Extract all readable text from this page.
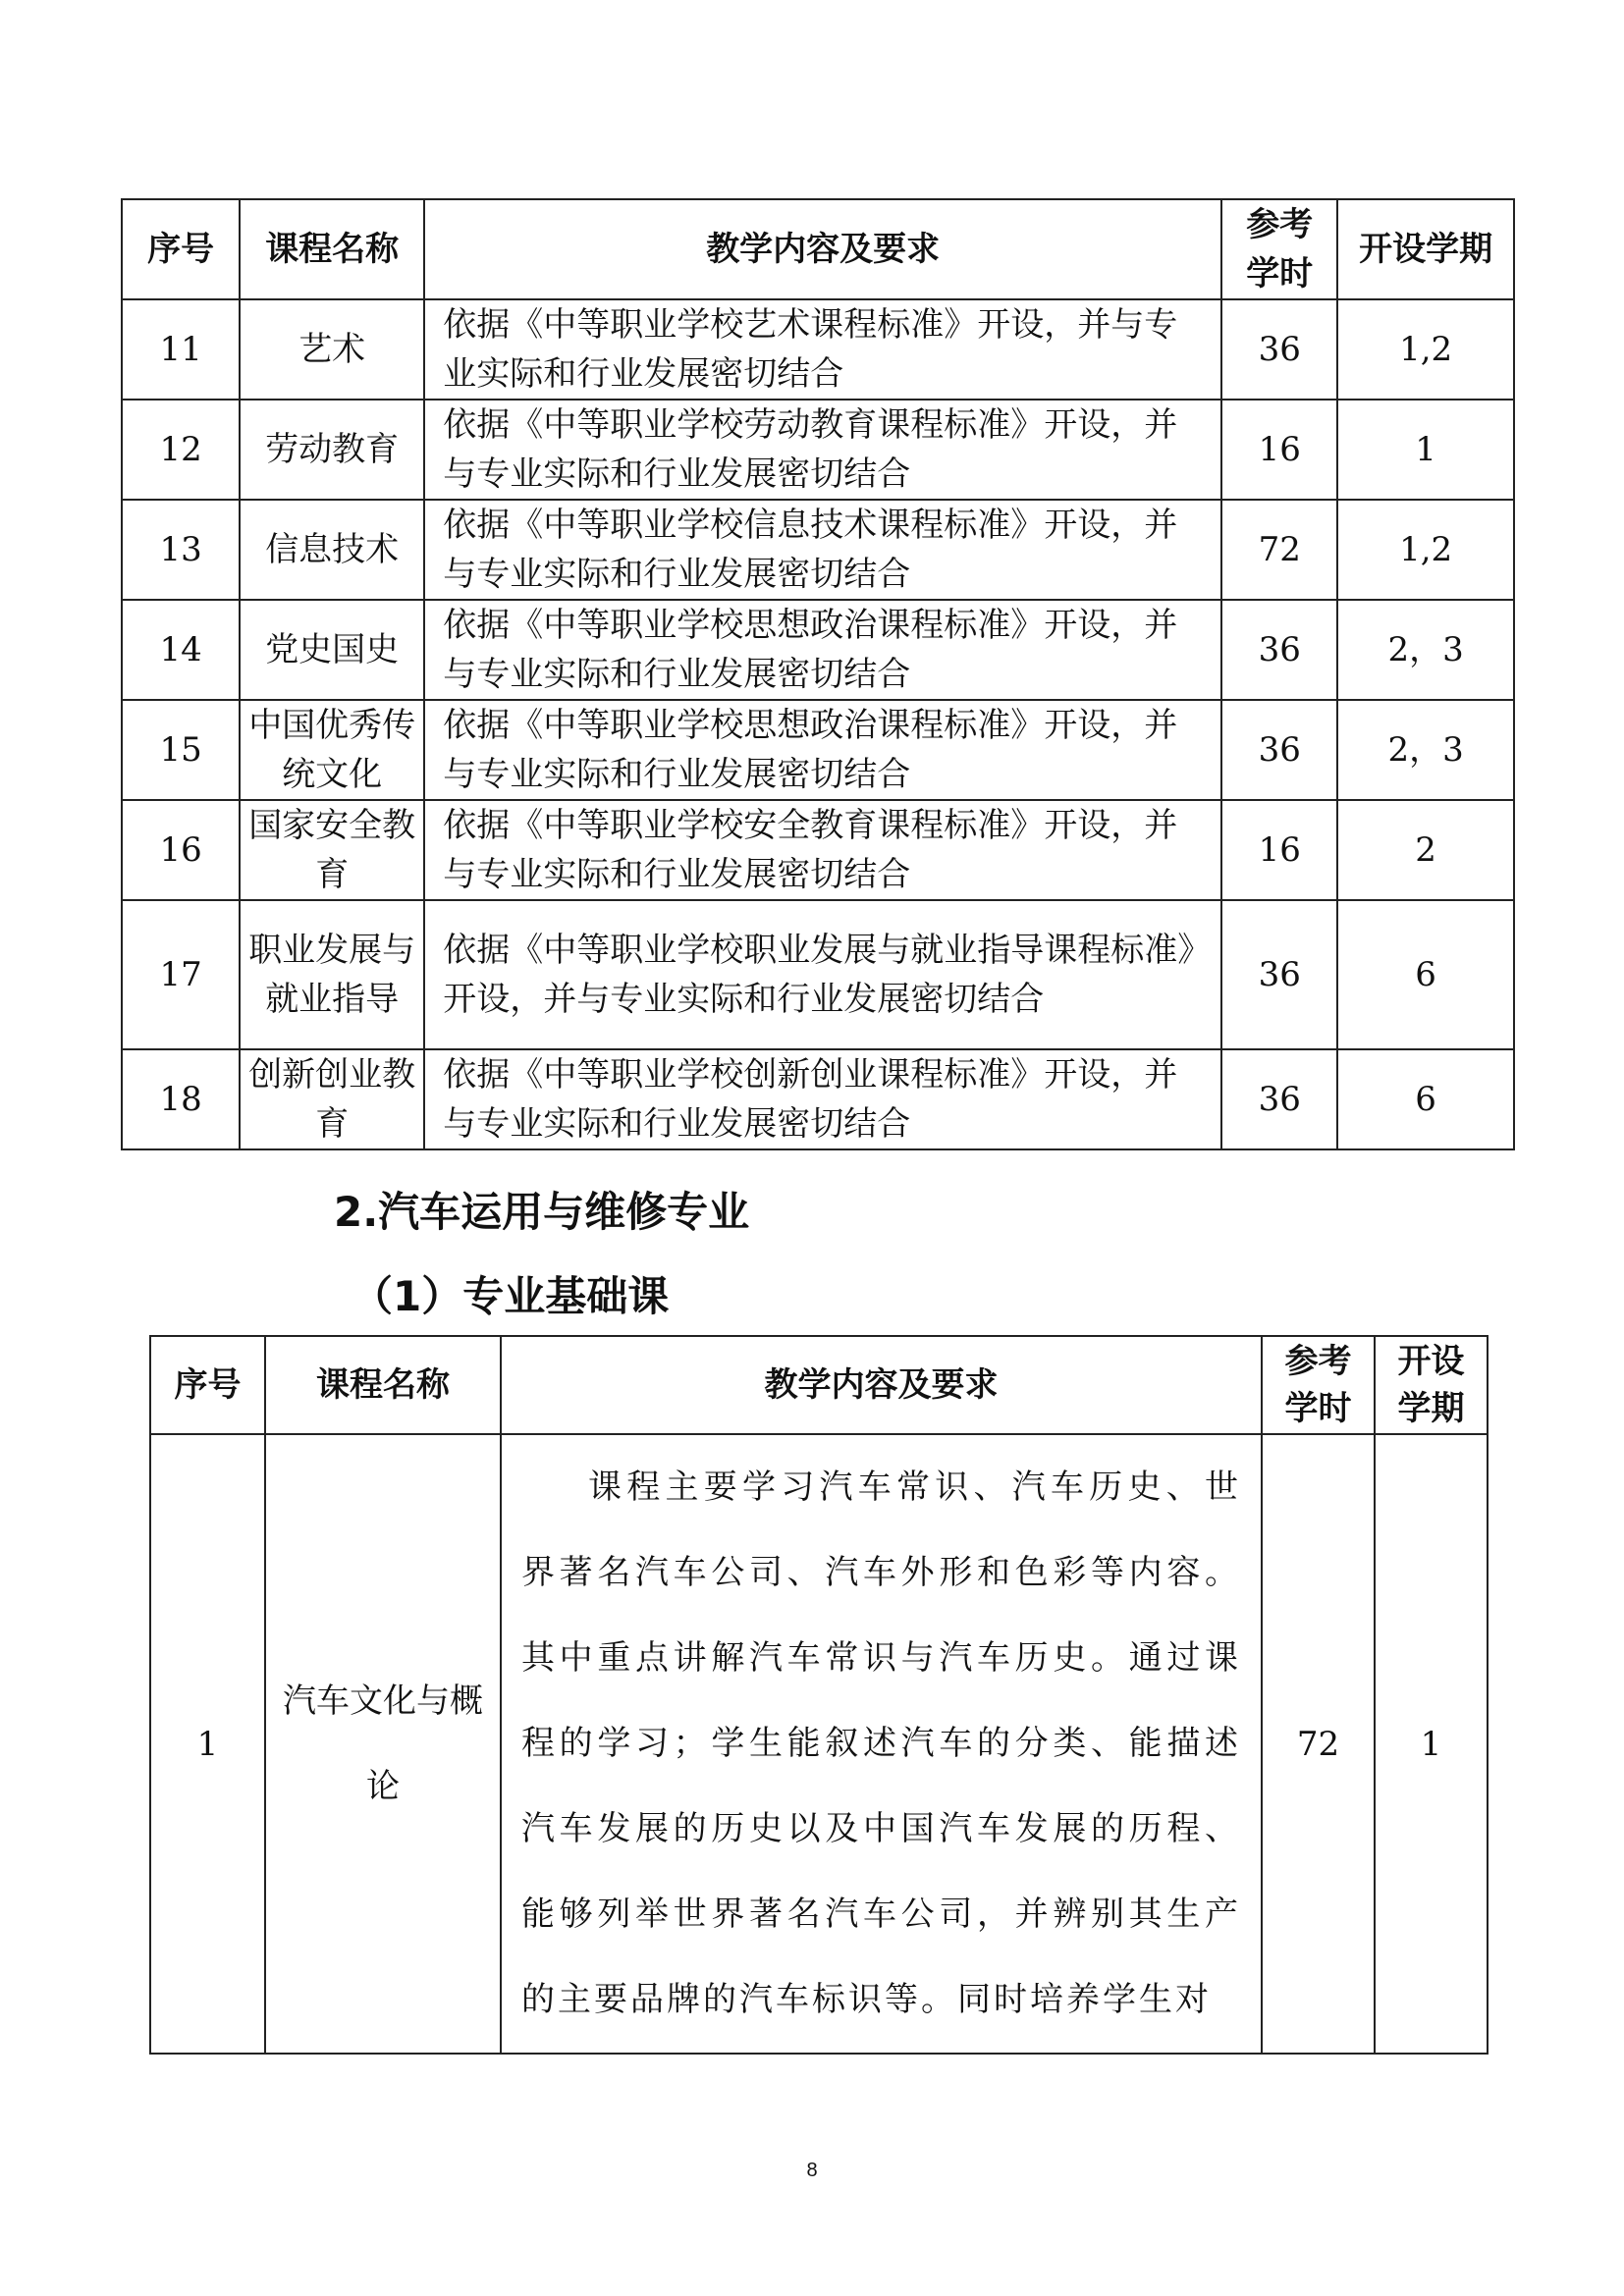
序号	课程名称	教学内容及要求	参考学时	开设学期
11	艺术	依据《中等职业学校艺术课程标准》开设，并与专业实际和行业发展密切结合	36	1,2
12	劳动教育	依据《中等职业学校劳动教育课程标准》开设，并与专业实际和行业发展密切结合	16	1
13	信息技术	依据《中等职业学校信息技术课程标准》开设，并与专业实际和行业发展密切结合	72	1,2
14	党史国史	依据《中等职业学校思想政治课程标准》开设，并与专业实际和行业发展密切结合	36	2，3
15	中国优秀传统文化	依据《中等职业学校思想政治课程标准》开设，并与专业实际和行业发展密切结合	36	2，3
16	国家安全教育	依据《中等职业学校安全教育课程标准》开设，并与专业实际和行业发展密切结合	16	2
17	职业发展与就业指导	依据《中等职业学校职业发展与就业指导课程标准》开设，并与专业实际和行业发展密切结合	36	6
18	创新创业教育	依据《中等职业学校创新创业课程标准》开设，并与专业实际和行业发展密切结合	36	6
2.汽车运用与维修专业
（1）专业基础课
序号	课程名称	教学内容及要求	参考学时	开设学期
1	汽车文化与概论	课程主要学习汽车常识、汽车历史、世界著名汽车公司、汽车外形和色彩等内容。其中重点讲解汽车常识与汽车历史。通过课程的学习；学生能叙述汽车的分类、能描述汽车发展的历史以及中国汽车发展的历程、能够列举世界著名汽车公司，并辨别其生产的主要品牌的汽车标识等。同时培养学生对	72	1
8
